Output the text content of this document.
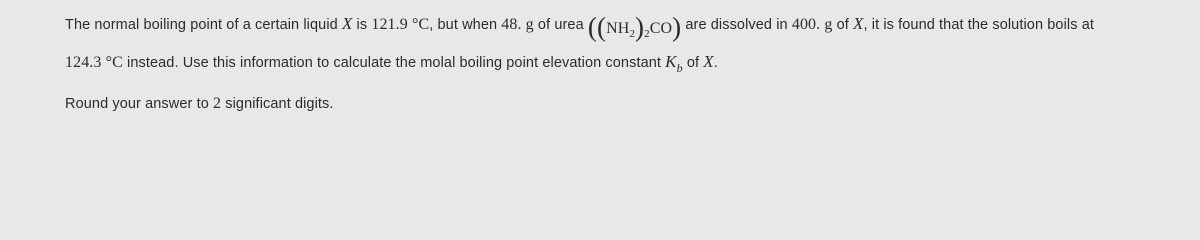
The normal boiling point of a certain liquid X is 121.9 °C, but when 48. g of urea $((NH_2)_2CO)$ are dissolved in 400. g of X, it is found that the solution boils at
124.3 °C instead. Use this information to calculate the molal boiling point elevation constant $K_b$ of X.
Round your answer to 2 significant digits.
